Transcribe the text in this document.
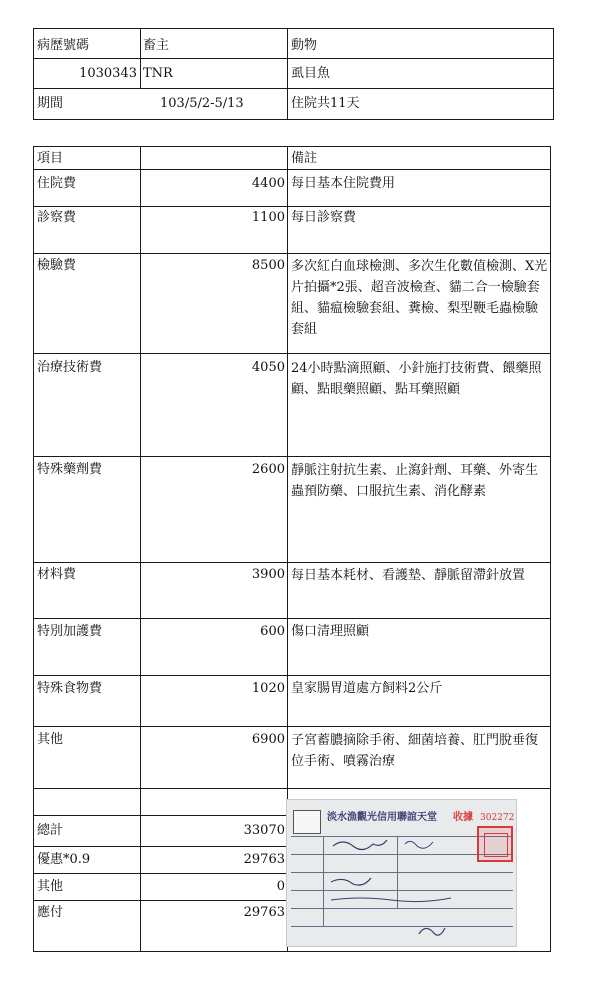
病歷號碼	畜主	動物
1030343 TNR	虱目魚
期間	103/5/2-5/13	住院共11天
項目	備註
住院費	4400 每日基本住院費用
診察費	1100 每日診察費
檢驗費	8500 多次紅白血球檢測、多次生化數值檢測、X光片拍攝*2張、超音波檢查、貓二合一檢驗套組、貓瘟檢驗套組、糞檢、梨型鞭毛蟲檢驗套組
治療技術費	4050 24小時點滴照顧、小針施打技術費、餵藥照顧、點眼藥照顧、點耳藥照顧
特殊藥劑費	2600 靜脈注射抗生素、止瀉針劑、耳藥、外寄生蟲預防藥、口服抗生素、消化酵素
材料費	3900 每日基本耗材、看護墊、靜脈留滯針放置
特別加護費	600 傷口清理照顧
特殊食物費	1020 皇家腸胃道處方飼料2公斤
其他	6900 子宮蓄膿摘除手術、細菌培養、肛門脫垂復位手術、噴霧治療
總計	33070
優惠*0.9	29763
其他	0
應付	29763
淡水漁觀光信用聯誼天堂 收據 302272
